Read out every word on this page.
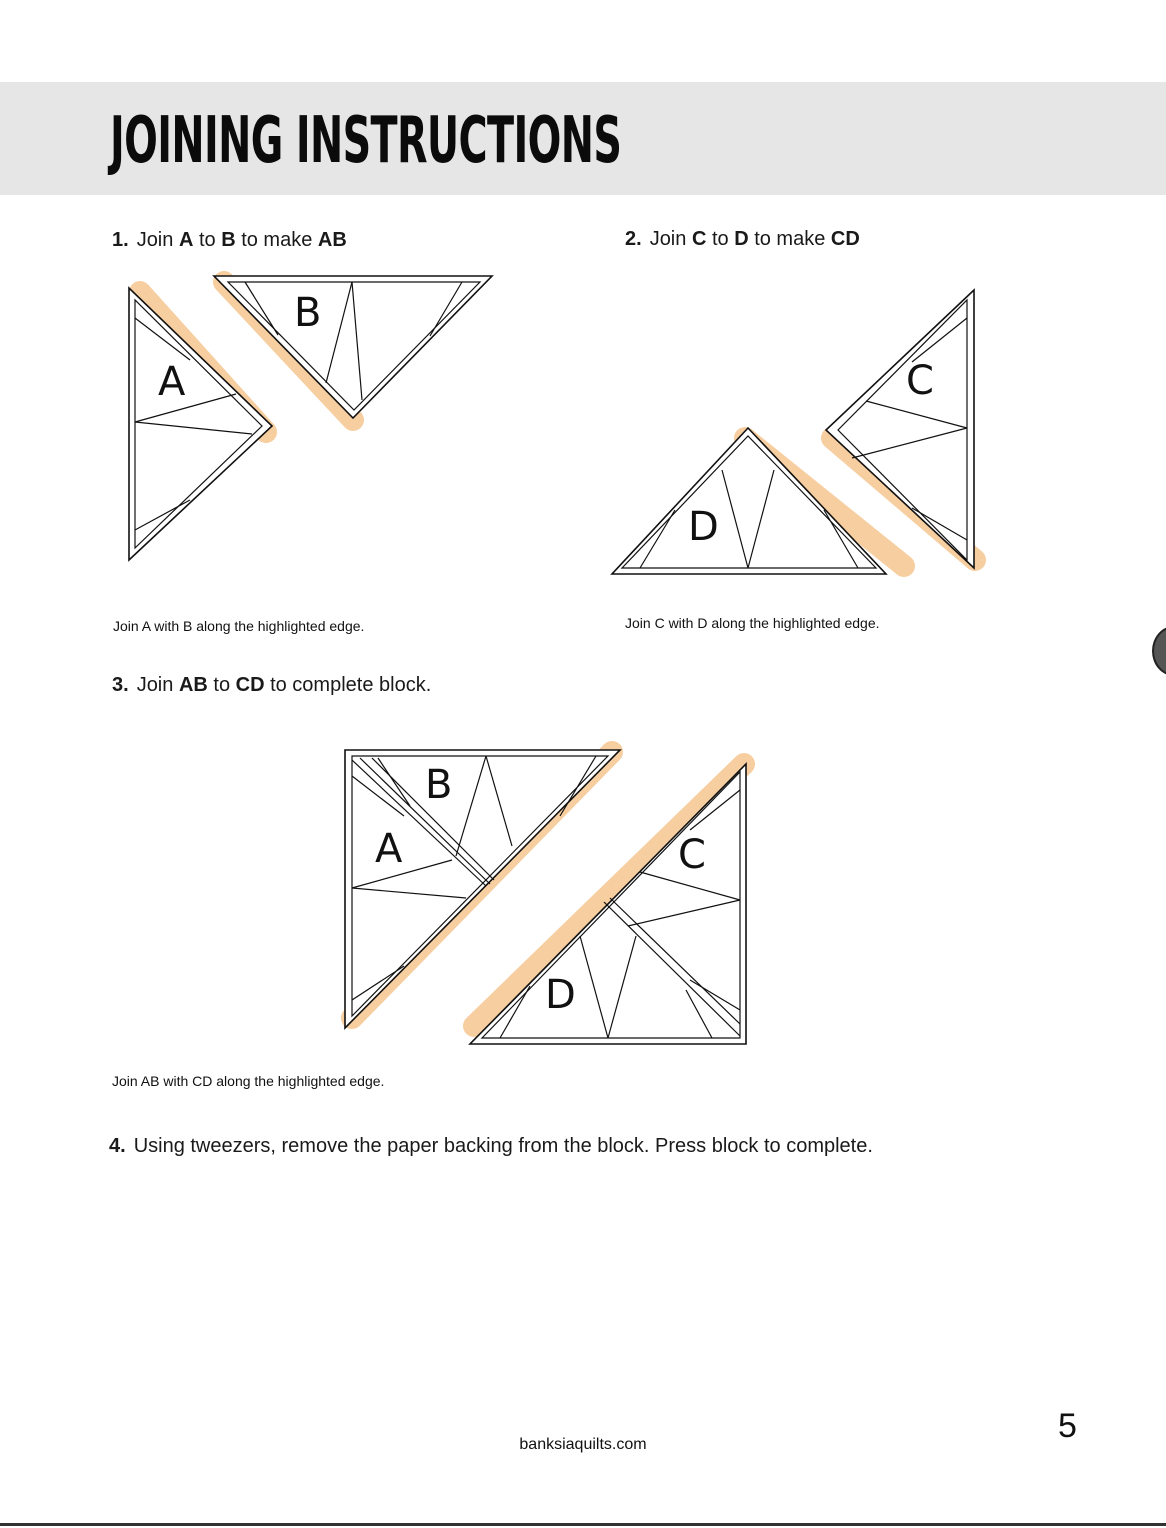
JOINING INSTRUCTIONS

1. Join A to B to make AB	2. Join C to D to make CD

Join A with B along the highlighted edge.	Join C with D along the highlighted edge.

3. Join AB to CD to complete block.

Join AB with CD along the highlighted edge.

4. Using tweezers, remove the paper backing from the block. Press block to complete.

A
B
C
D
B
A	C
D
banksiaquilts.com	5
